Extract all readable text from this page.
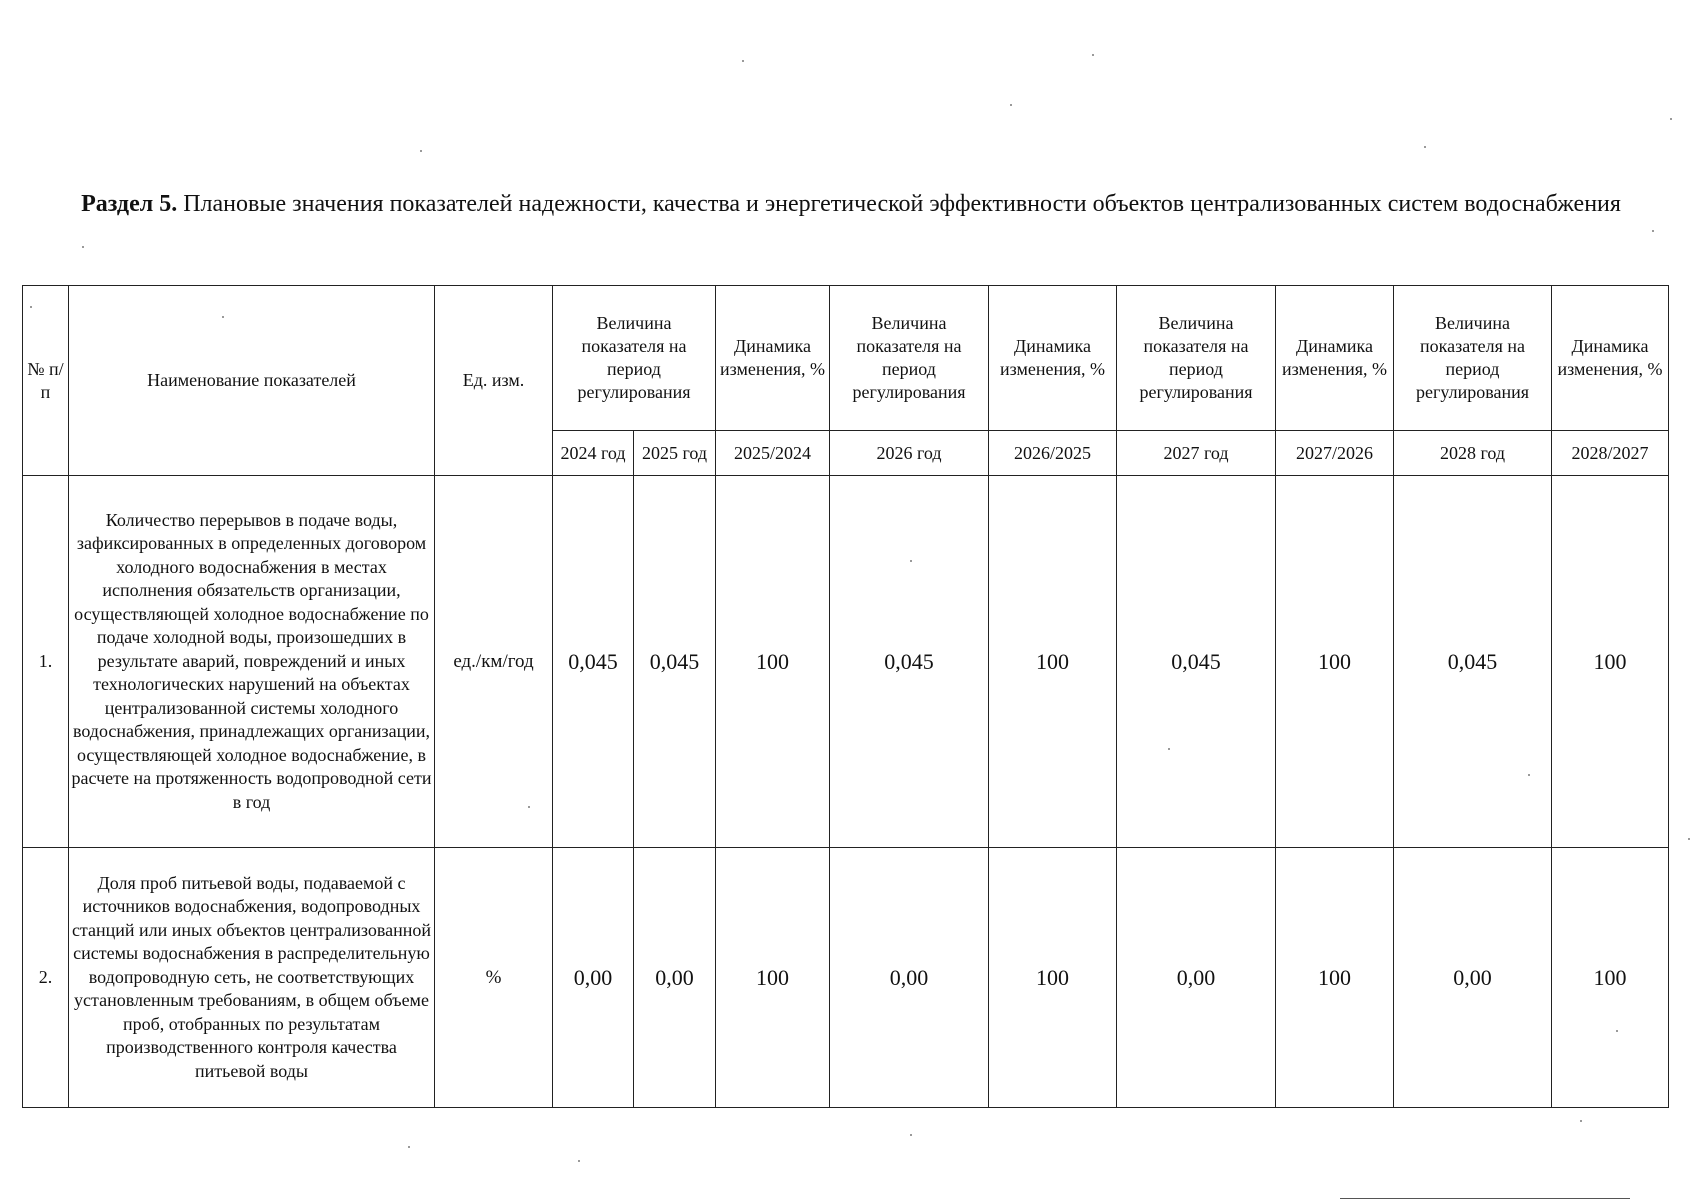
Раздел 5. Плановые значения показателей надежности, качества и энергетической эффективности объектов централизованных систем водоснабжения
№ п/п	Наименование показателей	Ед. изм.	Величина показателя на период регулирования		Динамика изменения, %	Величина показателя на период регулирования	Динамика изменения, %	Величина показателя на период регулирования	Динамика изменения, %	Величина показателя на период регулирования	Динамика изменения, %
			2024 год	2025 год	2025/2024	2026 год	2026/2025	2027 год	2027/2026	2028 год	2028/2027
1.	Количество перерывов в подаче воды, зафиксированных в определенных договором холодного водоснабжения в местах исполнения обязательств организации, осуществляющей холодное водоснабжение по подаче холодной воды, произошедших в результате аварий, повреждений и иных технологических нарушений на объектах централизованной системы холодного водоснабжения, принадлежащих организации, осуществляющей холодное водоснабжение, в расчете на протяженность водопроводной сети в год	ед./км/год	0,045	0,045	100	0,045	100	0,045	100	0,045	100
2.	Доля проб питьевой воды, подаваемой с источников водоснабжения, водопроводных станций или иных объектов централизованной системы водоснабжения в распределительную водопроводную сеть, не соответствующих установленным требованиям, в общем объеме проб, отобранных по результатам производственного контроля качества питьевой воды	%	0,00	0,00	100	0,00	100	0,00	100	0,00	100
